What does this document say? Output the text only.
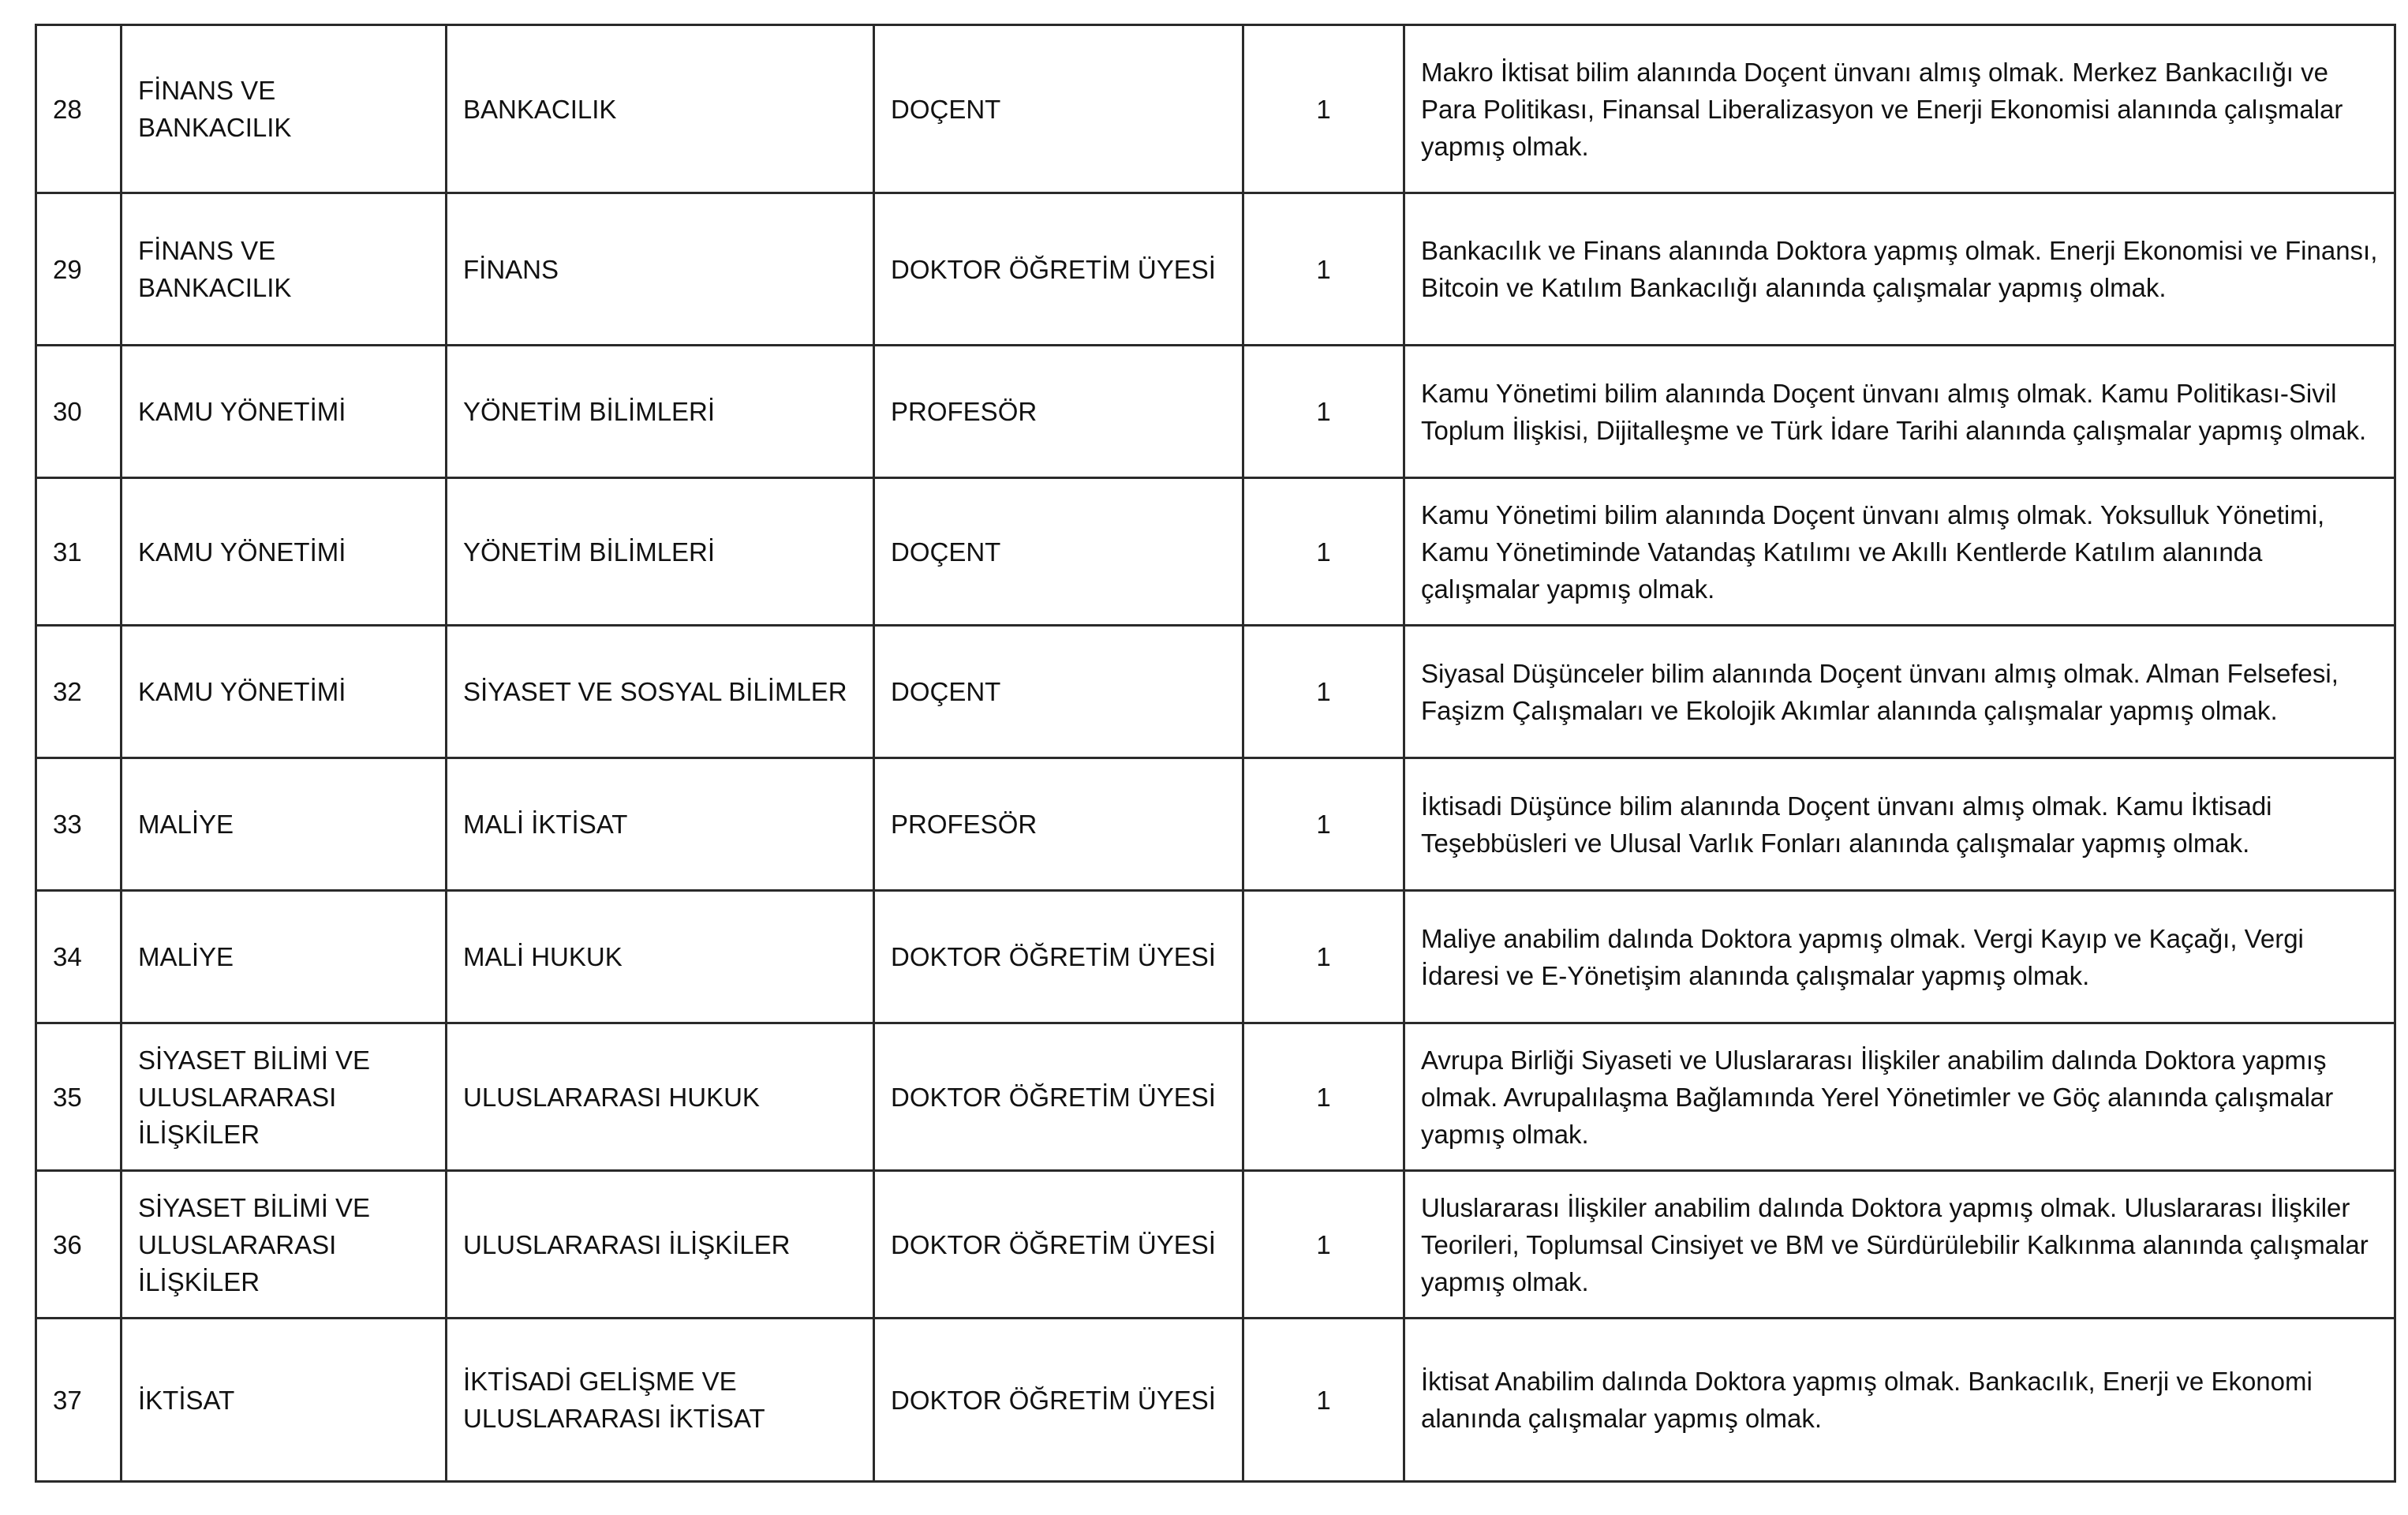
28	FİNANS VE BANKACILIK	BANKACILIK	DOÇENT	1	Makro İktisat bilim alanında Doçent ünvanı almış olmak. Merkez Bankacılığı ve Para Politikası, Finansal Liberalizasyon ve Enerji Ekonomisi alanında çalışmalar yapmış olmak.
29	FİNANS VE BANKACILIK	FİNANS	DOKTOR ÖĞRETİM ÜYESİ	1	Bankacılık ve Finans alanında Doktora yapmış olmak. Enerji Ekonomisi ve Finansı, Bitcoin ve Katılım Bankacılığı alanında çalışmalar yapmış olmak.
30	KAMU YÖNETİMİ	YÖNETİM BİLİMLERİ	PROFESÖR	1	Kamu Yönetimi bilim alanında Doçent ünvanı almış olmak. Kamu Politikası-Sivil Toplum İlişkisi, Dijitalleşme ve Türk İdare Tarihi alanında çalışmalar yapmış olmak.
31	KAMU YÖNETİMİ	YÖNETİM BİLİMLERİ	DOÇENT	1	Kamu Yönetimi bilim alanında Doçent ünvanı almış olmak. Yoksulluk Yönetimi, Kamu Yönetiminde Vatandaş Katılımı ve Akıllı Kentlerde Katılım alanında çalışmalar yapmış olmak.
32	KAMU YÖNETİMİ	SİYASET VE SOSYAL BİLİMLER	DOÇENT	1	Siyasal Düşünceler bilim alanında Doçent ünvanı almış olmak. Alman Felsefesi, Faşizm Çalışmaları ve Ekolojik Akımlar alanında çalışmalar yapmış olmak.
33	MALİYE	MALİ İKTİSAT	PROFESÖR	1	İktisadi Düşünce bilim alanında Doçent ünvanı almış olmak. Kamu İktisadi Teşebbüsleri ve Ulusal Varlık Fonları alanında çalışmalar yapmış olmak.
34	MALİYE	MALİ HUKUK	DOKTOR ÖĞRETİM ÜYESİ	1	Maliye anabilim dalında Doktora yapmış olmak. Vergi Kayıp ve Kaçağı, Vergi İdaresi ve E-Yönetişim alanında çalışmalar yapmış olmak.
35	SİYASET BİLİMİ VE ULUSLARARASI İLİŞKİLER	ULUSLARARASI HUKUK	DOKTOR ÖĞRETİM ÜYESİ	1	Avrupa Birliği Siyaseti ve Uluslararası İlişkiler anabilim dalında Doktora yapmış olmak. Avrupalılaşma Bağlamında Yerel Yönetimler ve Göç alanında çalışmalar yapmış olmak.
36	SİYASET BİLİMİ VE ULUSLARARASI İLİŞKİLER	ULUSLARARASI İLİŞKİLER	DOKTOR ÖĞRETİM ÜYESİ	1	Uluslararası İlişkiler anabilim dalında Doktora yapmış olmak. Uluslararası İlişkiler Teorileri, Toplumsal Cinsiyet ve BM ve Sürdürülebilir Kalkınma alanında çalışmalar yapmış olmak.
37	İKTİSAT	İKTİSADİ GELİŞME VE ULUSLARARASI İKTİSAT	DOKTOR ÖĞRETİM ÜYESİ	1	İktisat Anabilim dalında Doktora yapmış olmak. Bankacılık, Enerji ve Ekonomi alanında çalışmalar yapmış olmak.
